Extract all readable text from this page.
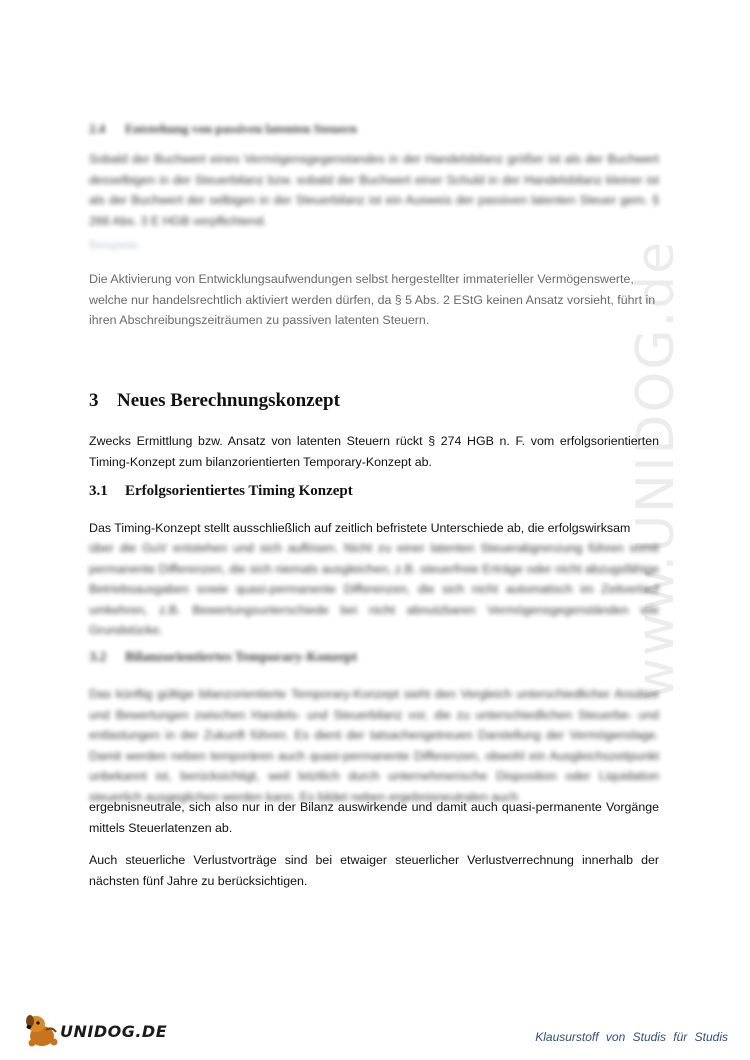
www.UNIDOG.de
2.4 Entstehung von passiven latenten Steuern
Sobald der Buchwert eines Vermögensgegenstandes in der Handelsbilanz größer ist als der Buchwert desselbigen in der Steuerbilanz bzw. sobald der Buchwert einer Schuld in der Handelsbilanz kleiner ist als der Buchwert der selbigen in der Steuerbilanz ist ein Ausweis der passiven latenten Steuer gem. § 266 Abs. 3 E HGB verpflichtend.
Beispiele:
Die Aktivierung von Entwicklungsaufwendungen selbst hergestellter immaterieller Vermögenswerte, welche nur handelsrechtlich aktiviert werden dürfen, da § 5 Abs. 2 EStG keinen Ansatz vorsieht, führt in ihren Abschreibungszeiträumen zu passiven latenten Steuern.
3 Neues Berechnungskonzept
Zwecks Ermittlung bzw. Ansatz von latenten Steuern rückt § 274 HGB n. F. vom erfolgsorientierten Timing-Konzept zum bilanzorientierten Temporary-Konzept ab.
3.1 Erfolgsorientiertes Timing Konzept
Das Timing-Konzept stellt ausschließlich auf zeitlich befristete Unterschiede ab, die erfolgswirksam
über die GuV entstehen und sich auflösen. Nicht zu einer latenten Steuerabgrenzung führen somit permanente Differenzen, die sich niemals ausgleichen, z.B. steuerfreie Erträge oder nicht abzugsfähige Betriebsausgaben sowie quasi-permanente Differenzen, die sich nicht automatisch im Zeitverlauf umkehren, z.B. Bewertungsunterschiede bei nicht abnutzbaren Vermögensgegenständen wie Grundstücke.
3.2 Bilanzorientiertes Temporary-Konzept
Das künftig gültige bilanzorientierte Temporary-Konzept sieht den Vergleich unterschiedlicher Ansätze und Bewertungen zwischen Handels- und Steuerbilanz vor, die zu unterschiedlichen Steuerbe- und entlastungen in der Zukunft führen. Es dient der tatsachengetreuen Darstellung der Vermögenslage. Damit werden neben temporären auch quasi-permanente Differenzen, obwohl ein Ausgleichszeitpunkt unbekannt ist, berücksichtigt, weil letztlich durch unternehmerische Disposition oder Liquidation steuerlich ausgeglichen werden kann. Es bildet neben ergebnisneutralen auch
ergebnisneutrale, sich also nur in der Bilanz auswirkende und damit auch quasi-permanente Vorgänge mittels Steuerlatenzen ab.
Auch steuerliche Verlustvorträge sind bei etwaiger steuerlicher Verlustverrechnung innerhalb der nächsten fünf Jahre zu berücksichtigen.
UNIDOG.DE	Klausurstoff von Studis für Studis
